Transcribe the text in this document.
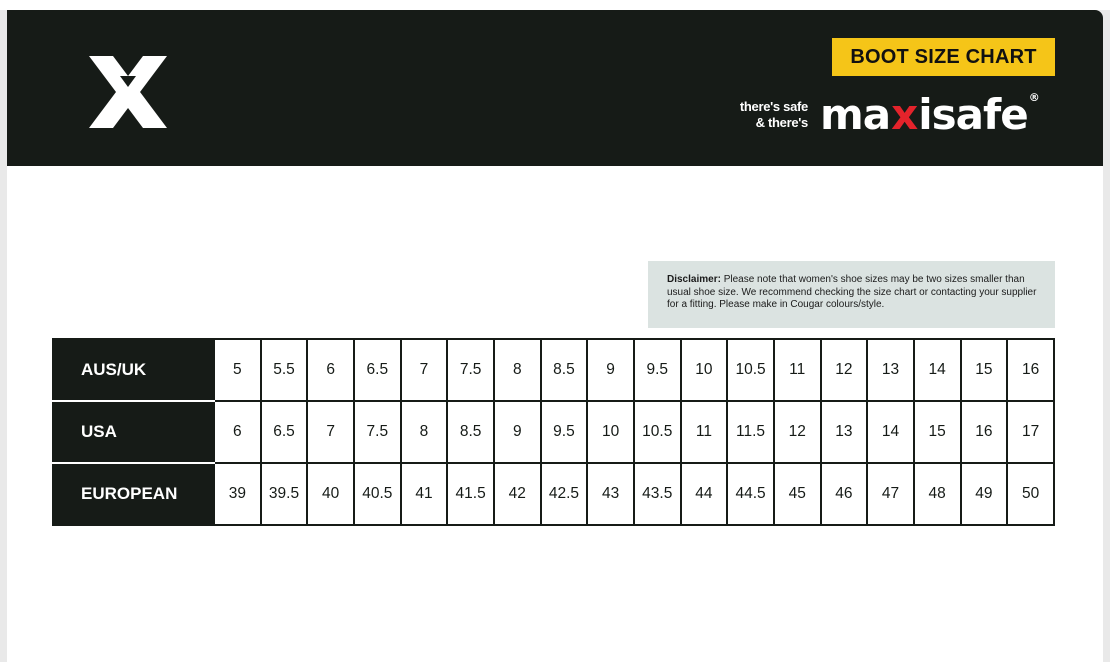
BOOT SIZE CHART
there's safe
& there's ma x isafe ®
Disclaimer: Please note that women's shoe sizes may be two sizes smaller than usual shoe size. We recommend checking the size chart or contacting your supplier for a fitting. Please make in Cougar colours/style.
AUS/UK	5	5.5	6	6.5	7	7.5	8	8.5	9	9.5	10	10.5	11	12	13	14	15	16
USA	6	6.5	7	7.5	8	8.5	9	9.5	10	10.5	11	11.5	12	13	14	15	16	17
EUROPEAN	39	39.5	40	40.5	41	41.5	42	42.5	43	43.5	44	44.5	45	46	47	48	49	50
